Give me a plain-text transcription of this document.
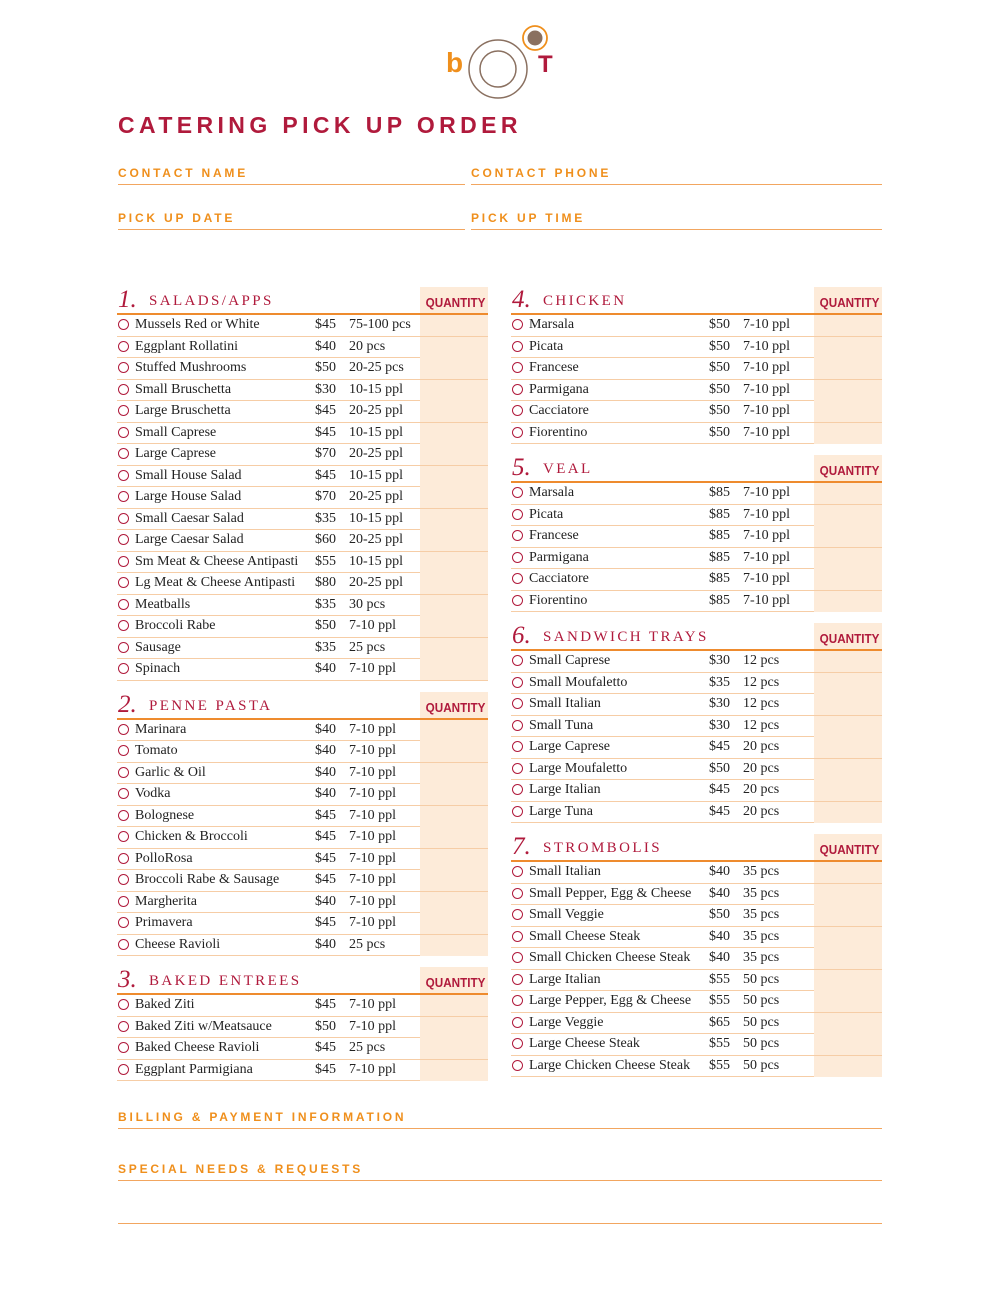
b	T
CATERING PICK UP ORDER
CONTACT NAME	CONTACT PHONE
PICK UP DATE	PICK UP TIME
1. SALADS/APPS	QUANTITY
Mussels Red or White	$45 75-100 pcs
Eggplant Rollatini	$40 20 pcs
Stuffed Mushrooms	$50 20-25 pcs
Small Bruschetta	$30 10-15 ppl
Large Bruschetta	$45 20-25 ppl
Small Caprese	$45 10-15 ppl
Large Caprese	$70 20-25 ppl
Small House Salad	$45 10-15 ppl
Large House Salad	$70 20-25 ppl
Small Caesar Salad	$35 10-15 ppl
Large Caesar Salad	$60 20-25 ppl
Sm Meat & Cheese Antipasti $55 10-15 ppl
Lg Meat & Cheese Antipasti $80 20-25 ppl
Meatballs	$35 30 pcs
Broccoli Rabe	$50 7-10 ppl
Sausage	$35 25 pcs
Spinach	$40 7-10 ppl
2. PENNE PASTA	QUANTITY
Marinara	$40 7-10 ppl
Tomato	$40 7-10 ppl
Garlic & Oil	$40 7-10 ppl
Vodka	$40 7-10 ppl
Bolognese	$45 7-10 ppl
Chicken & Broccoli	$45 7-10 ppl
PolloRosa	$45 7-10 ppl
Broccoli Rabe & Sausage	$45 7-10 ppl
Margherita	$40 7-10 ppl
Primavera	$45 7-10 ppl
Cheese Ravioli	$40 25 pcs
3. BAKED ENTREES	QUANTITY
Baked Ziti	$45 7-10 ppl
Baked Ziti w/Meatsauce	$50 7-10 ppl
Baked Cheese Ravioli	$45 25 pcs
Eggplant Parmigiana	$45 7-10 ppl
4. CHICKEN	QUANTITY
Marsala	$50 7-10 ppl
Picata	$50 7-10 ppl
Francese	$50 7-10 ppl
Parmigana	$50 7-10 ppl
Cacciatore	$50 7-10 ppl
Fiorentino	$50 7-10 ppl
5. VEAL	QUANTITY
Marsala	$85 7-10 ppl
Picata	$85 7-10 ppl
Francese	$85 7-10 ppl
Parmigana	$85 7-10 ppl
Cacciatore	$85 7-10 ppl
Fiorentino	$85 7-10 ppl
6. SANDWICH TRAYS	QUANTITY
Small Caprese	$30 12 pcs
Small Moufaletto	$35 12 pcs
Small Italian	$30 12 pcs
Small Tuna	$30 12 pcs
Large Caprese	$45 20 pcs
Large Moufaletto	$50 20 pcs
Large Italian	$45 20 pcs
Large Tuna	$45 20 pcs
7. STROMBOLIS	QUANTITY
Small Italian	$40 35 pcs
Small Pepper, Egg & Cheese $40 35 pcs
Small Veggie	$50 35 pcs
Small Cheese Steak	$40 35 pcs
Small Chicken Cheese Steak $40 35 pcs
Large Italian	$55 50 pcs
Large Pepper, Egg & Cheese $55 50 pcs
Large Veggie	$65 50 pcs
Large Cheese Steak	$55 50 pcs
Large Chicken Cheese Steak $55 50 pcs
BILLING & PAYMENT INFORMATION
SPECIAL NEEDS & REQUESTS
